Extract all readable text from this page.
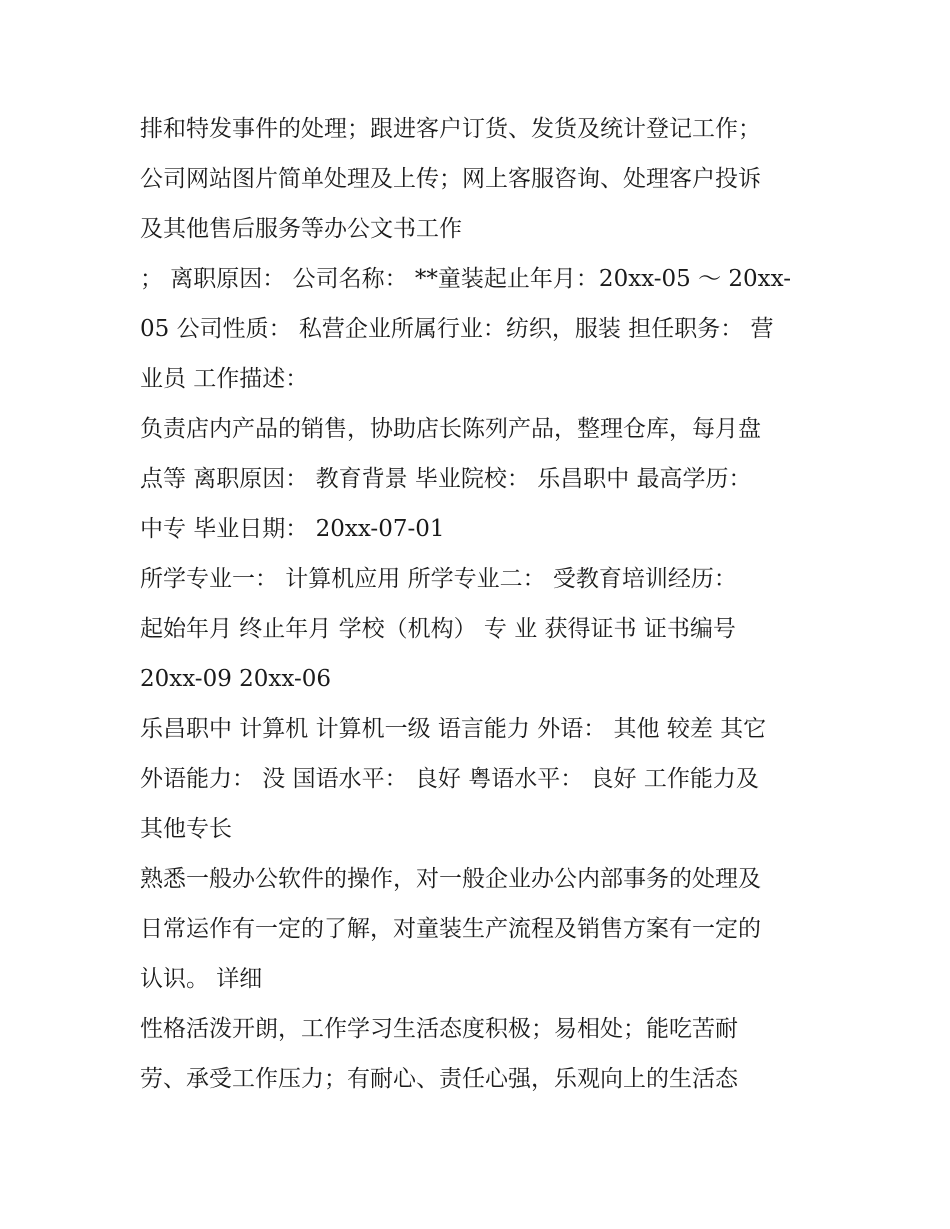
排和特发事件的处理；跟进客户订货、发货及统计登记工作；
公司网站图片简单处理及上传；网上客服咨询、处理客户投诉
及其他售后服务等办公文书工作
； 离职原因： 公司名称： **童装起止年月：20xx-05 ～ 20xx-
05 公司性质： 私营企业所属行业：纺织，服装 担任职务： 营
业员 工作描述：
负责店内产品的销售，协助店长陈列产品，整理仓库，每月盘
点等 离职原因： 教育背景 毕业院校： 乐昌职中 最高学历：
中专 毕业日期： 20xx-07-01
所学专业一： 计算机应用 所学专业二： 受教育培训经历：
起始年月 终止年月 学校（机构） 专 业 获得证书 证书编号
20xx-09 20xx-06
乐昌职中 计算机 计算机一级 语言能力 外语： 其他 较差 其它
外语能力： 没 国语水平： 良好 粤语水平： 良好 工作能力及
其他专长
熟悉一般办公软件的操作，对一般企业办公内部事务的处理及
日常运作有一定的了解，对童装生产流程及销售方案有一定的
认识。 详细
性格活泼开朗，工作学习生活态度积极；易相处；能吃苦耐
劳、承受工作压力；有耐心、责任心强，乐观向上的生活态
